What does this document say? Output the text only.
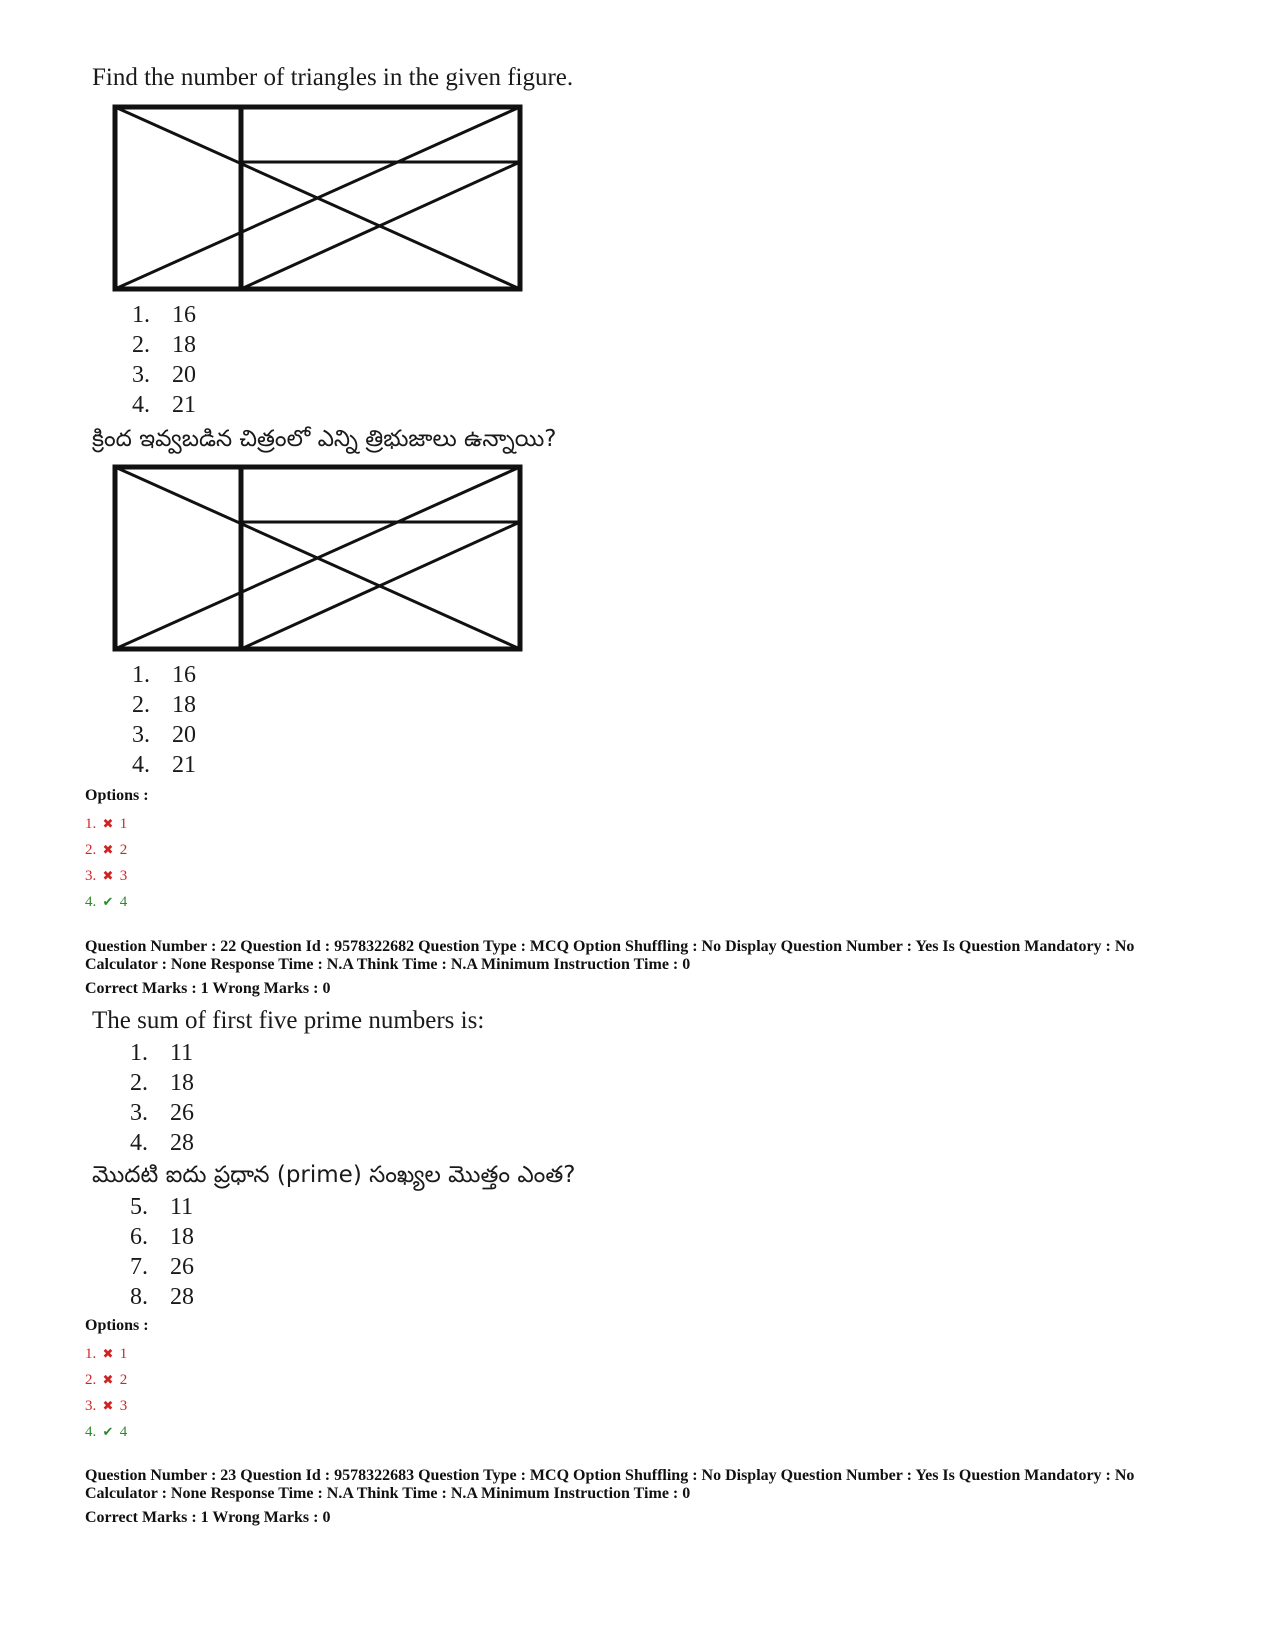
Find the number of triangles in the given figure.
1. 16
2. 18
3. 20
4. 21
క్రింద ఇవ్వబడిన చిత్రంలో ఎన్ని త్రిభుజాలు ఉన్నాయి?
1. 16
2. 18
3. 20
4. 21
Options :
1. ✖ 1
2. ✖ 2
3. ✖ 3
4. ✔ 4
Question Number : 22 Question Id : 9578322682 Question Type : MCQ Option Shuffling : No Display Question Number : Yes Is Question Mandatory : No
Calculator : None Response Time : N.A Think Time : N.A Minimum Instruction Time : 0
Correct Marks : 1 Wrong Marks : 0
The sum of first five prime numbers is:
1. 11
2. 18
3. 26
4. 28
మొదటి ఐదు ప్రధాన (prime) సంఖ్యల మొత్తం ఎంత?
5. 11
6. 18
7. 26
8. 28
Options :
1. ✖ 1
2. ✖ 2
3. ✖ 3
4. ✔ 4
Question Number : 23 Question Id : 9578322683 Question Type : MCQ Option Shuffling : No Display Question Number : Yes Is Question Mandatory : No
Calculator : None Response Time : N.A Think Time : N.A Minimum Instruction Time : 0
Correct Marks : 1 Wrong Marks : 0
